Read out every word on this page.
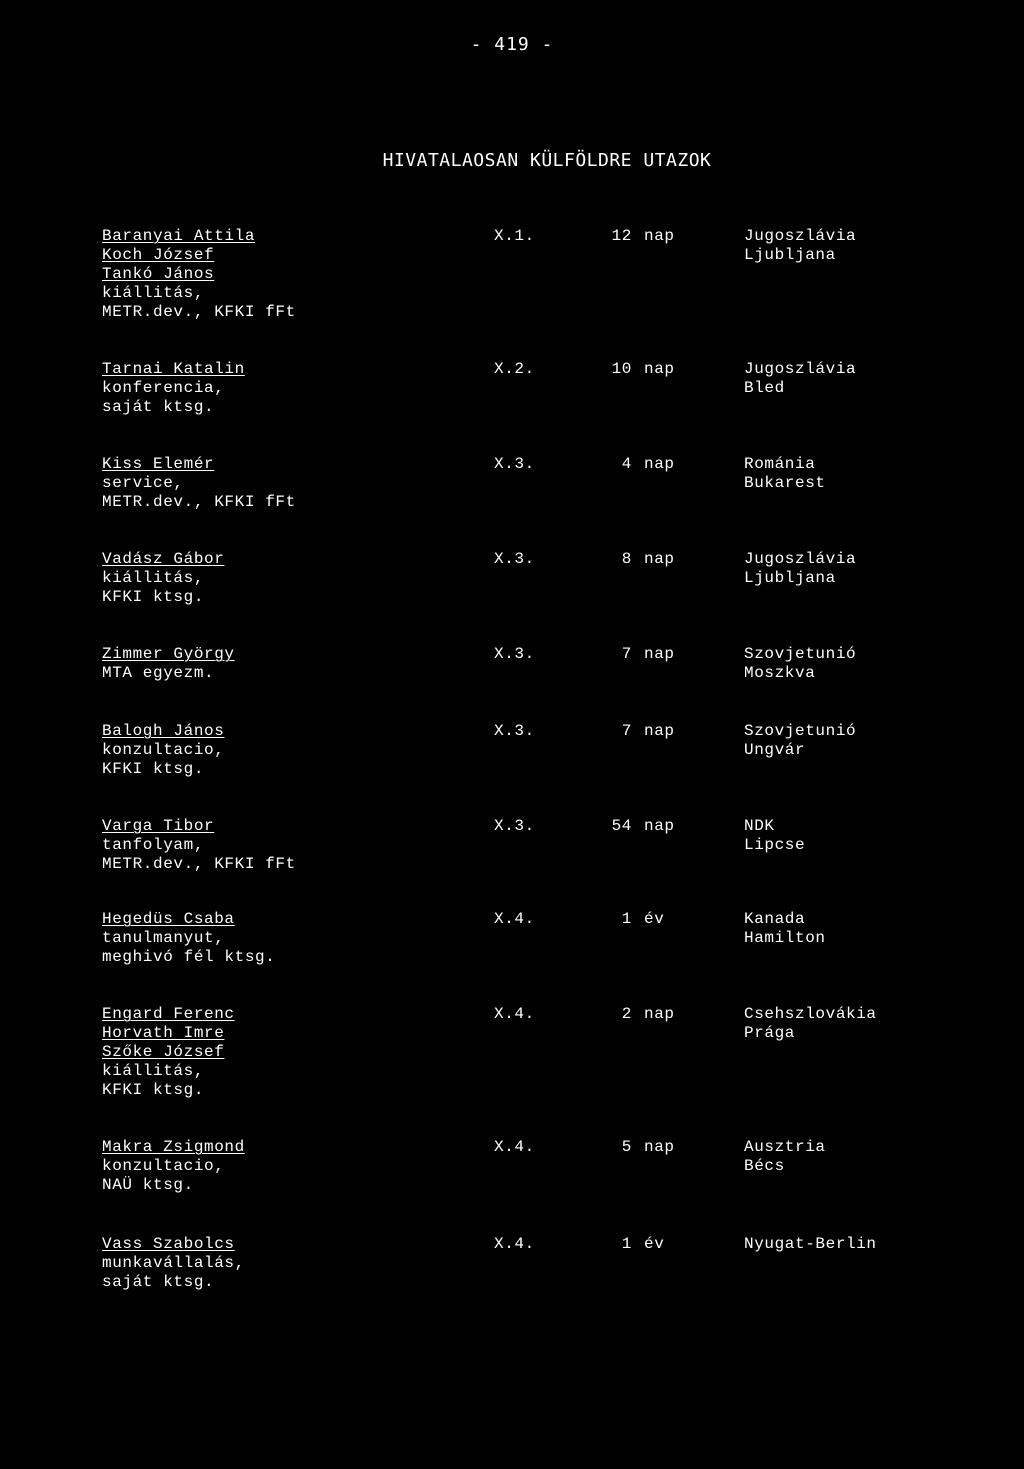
- 419 -
HIVATALAOSAN KÜLFÖLDRE UTAZOK
Baranyai Attila
Koch József
Tankó János
kiállitás,
METR.dev., KFKI fFt
X.1.	12 nap	Jugoszlávia
Ljubljana
Tarnai Katalin
konferencia,
saját ktsg.
X.2.	10 nap	Jugoszlávia
Bled
Kiss Elemér
service,
METR.dev., KFKI fFt
X.3.	4 nap	Románia
Bukarest
Vadász Gábor
kiállitás,
KFKI ktsg.
X.3.	8 nap	Jugoszlávia
Ljubljana
Zimmer György
MTA egyezm.
X.3.	7 nap	Szovjetunió
Moszkva
Balogh János
konzultacio,
KFKI ktsg.
X.3.	7 nap	Szovjetunió
Ungvár
Varga Tibor
tanfolyam,
METR.dev., KFKI fFt
X.3.	54 nap	NDK
Lipcse
Hegedüs Csaba
tanulmanyut,
meghivó fél ktsg.
X.4.	1 év	Kanada
Hamilton
Engard Ferenc
Horvath Imre
Szőke József
kiállitás,
KFKI ktsg.
X.4.	2 nap	Csehszlovákia
Prága
Makra Zsigmond
konzultacio,
NAÜ ktsg.
X.4.	5 nap	Ausztria
Bécs
Vass Szabolcs
munkavállalás,
saját ktsg.
X.4.	1 év	Nyugat-Berlin
